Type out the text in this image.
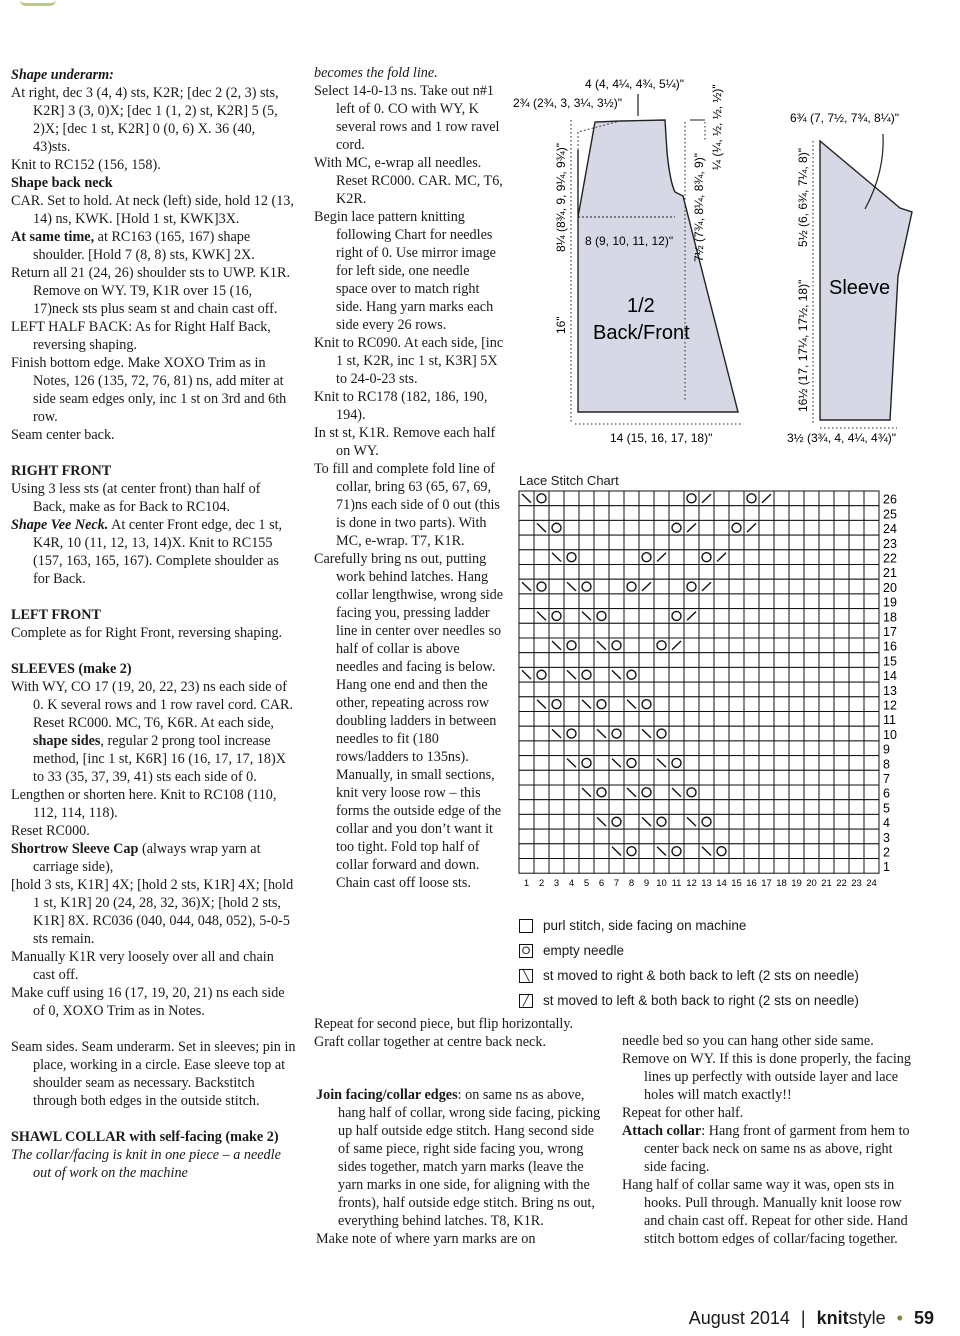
Shape underarm:

At right, dec 3 (4, 4) sts, K2R; [dec 2 (2, 3) sts, K2R] 3 (3, 0)X; [dec 1 (1, 2) st, K2R] 5 (5, 2)X; [dec 1 st, K2R] 0 (0, 6) X. 36 (40, 43)sts.

Knit to RC152 (156, 158).

Shape back neck

CAR. Set to hold. At neck (left) side, hold 12 (13, 14) ns, KWK. [Hold 1 st, KWK]3X.

At same time, at RC163 (165, 167) shape shoulder. [Hold 7 (8, 8) sts, KWK] 2X.

Return all 21 (24, 26) shoulder sts to UWP. K1R. Remove on WY. T9, K1R over 15 (16, 17)neck sts plus seam st and chain cast off.

LEFT HALF BACK: As for Right Half Back, reversing shaping.

Finish bottom edge. Make XOXO Trim as in Notes, 126 (135, 72, 76, 81) ns, add miter at side seam edges only, inc 1 st on 3rd and 6th row.

Seam center back.

RIGHT FRONT

Using 3 less sts (at center front) than half of Back, make as for Back to RC104.

Shape Vee Neck. At center Front edge, dec 1 st, K4R, 10 (11, 12, 13, 14)X. Knit to RC155 (157, 163, 165, 167). Complete shoulder as for Back.

LEFT FRONT

Complete as for Right Front, reversing shaping.

SLEEVES (make 2)

With WY, CO 17 (19, 20, 22, 23) ns each side of 0. K several rows and 1 row ravel cord. CAR. Reset RC000. MC, T6, K6R. At each side, shape sides, regular 2 prong tool increase method, [inc 1 st, K6R] 16 (16, 17, 17, 18)X to 33 (35, 37, 39, 41) sts each side of 0.

Lengthen or shorten here. Knit to RC108 (110, 112, 114, 118).

Reset RC000.

Shortrow Sleeve Cap (always wrap yarn at carriage side),

[hold 3 sts, K1R] 4X; [hold 2 sts, K1R] 4X; [hold 1 st, K1R] 20 (24, 28, 32, 36)X; [hold 2 sts, K1R] 8X. RC036 (040, 044, 048, 052), 5-0-5 sts remain.

Manually K1R very loosely over all and chain cast off.

Make cuff using 16 (17, 19, 20, 21) ns each side of 0, XOXO Trim as in Notes.

Seam sides. Seam underarm. Set in sleeves; pin in place, working in a circle. Ease sleeve top at shoulder seam as necessary. Backstitch through both edges in the outside stitch.

SHAWL COLLAR with self-facing (make 2)

The collar/facing is knit in one piece – a needle out of work on the machine

becomes the fold line.

Select 14-0-13 ns. Take out n#1 left of 0. CO with WY, K several rows and 1 row ravel cord.

With MC, e-wrap all needles. Reset RC000. CAR. MC, T6, K2R.

Begin lace pattern knitting following Chart for needles right of 0. Use mirror image for left side, one needle space over to match right side. Hang yarn marks each side every 26 rows.

Knit to RC090. At each side, [inc 1 st, K2R, inc 1 st, K3R] 5X to 24-0-23 sts.

Knit to RC178 (182, 186, 190, 194).

In st st, K1R. Remove each half on WY.

To fill and complete fold line of collar, bring 63 (65, 67, 69, 71)ns each side of 0 out (this is done in two parts). With MC, e-wrap. T7, K1R.

Carefully bring ns out, putting work behind latches. Hang collar lengthwise, wrong side facing you, pressing ladder line in center over needles so half of collar is above needles and facing is below. Hang one end and then the other, repeating across row doubling ladders in between needles to fit (180 rows/ladders to 135ns). Manually, in small sections, knit very loose row – this forms the outside edge of the collar and you don’t want it too tight. Fold top half of collar forward and down. Chain cast off loose sts.

Repeat for second piece, but flip horizontally.

Graft collar together at centre back neck.

Join facing/collar edges: on same ns as above, hang half of collar, wrong side facing, picking up half outside edge stitch. Hang second side of same piece, right side facing you, wrong sides together, match yarn marks (leave the yarn marks in one side, for aligning with the fronts), half outside edge stitch. Bring ns out, everything behind latches. T8, K1R.

Make note of where yarn marks are on

needle bed so you can hang other side same.

Remove on WY. If this is done properly, the facing lines up perfectly with outside layer and lace holes will match exactly!!

Repeat for other half.

Attach collar: Hang front of garment from hem to center back neck on same ns as above, right side facing.

Hang half of collar same way it was, open sts in hooks. Pull through. Manually knit loose row and chain cast off. Repeat for other side. Hand stitch bottom edges of collar/facing together.

4 (4, 4¼, 4¾, 5¼)"
2¾ (2¾, 3, 3¼, 3½)"
8¼ (8¾, 9, 9¼, 9¾)"	7½ (7¾, 8¼, 8¾, 9)"
¼ (¼, ½, ½, ½)"
8 (9, 10, 11, 12)"
16"
14 (15, 16, 17, 18)"
1/2
Back/Front
6¾ (7, 7½, 7¾, 8¼)"
5½ (6, 6¾, 7¼, 8)"
16½ (17, 17¼, 17½, 18)"
3½ (3¾, 4, 4¼, 4¾)"
Sleeve
Lace Stitch Chart
26
25
24
23
22
21
20
19
18
17
16
15
14
13
12
11
10
9
8
7
6
5
4
3
2
1
1 2 3 4 5 6 7 8 9 10 11 12 13 14 15 16 17 18 19 20 21 22 23 24
purl stitch, side facing on machine
O empty needle
╲ st moved to right & both back to left (2 sts on needle)
╱ st moved to left & both back to right (2 sts on needle)
August 2014 | knitstyle • 59
